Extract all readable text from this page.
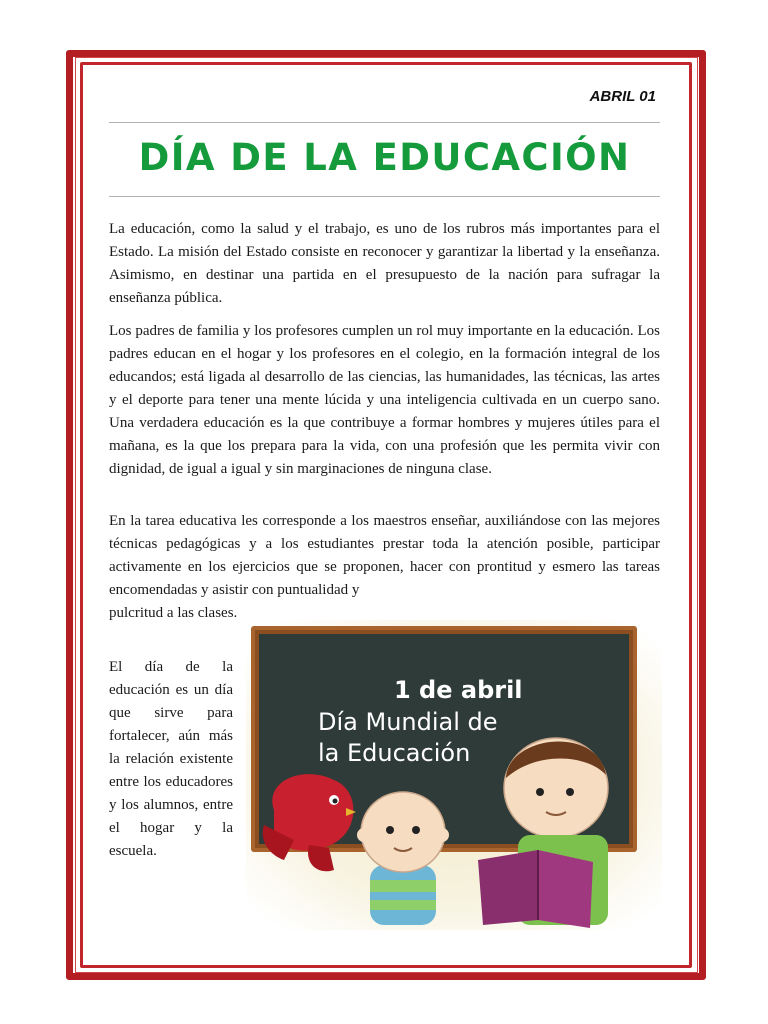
ABRIL 01
DÍA DE LA EDUCACIÓN

La educación, como la salud y el trabajo, es uno de los rubros más importantes para el Estado. La misión del Estado consiste en reconocer y garantizar la libertad y la enseñanza. Asimismo, en destinar una partida en el presupuesto de la nación para sufragar la enseñanza pública.

Los padres de familia y los profesores cumplen un rol muy importante en la educación. Los padres educan en el hogar y los profesores en el colegio, en la formación integral de los educandos; está ligada al desarrollo de las ciencias, las humanidades, las técnicas, las artes y el deporte para tener una mente lúcida y una inteligencia cultivada en un cuerpo sano. Una verdadera educación es la que contribuye a formar hombres y mujeres útiles para el mañana, es la que los prepara para la vida, con una profesión que les permita vivir con dignidad, de igual a igual y sin marginaciones de ninguna clase.

En la tarea educativa les corresponde a los maestros enseñar, auxiliándose con las mejores técnicas pedagógicas y a los estudiantes prestar toda la atención posible, participar activamente en los ejercicios que se proponen, hacer con prontitud y esmero las tareas encomendadas y asistir con puntualidad y

pulcritud a las clases.

El día de la educación es un día que sirve para fortalecer, aún más la relación existente entre los educadores y los alumnos, entre el hogar y la escuela.

1 de abril
Día Mundial de
la Educación
